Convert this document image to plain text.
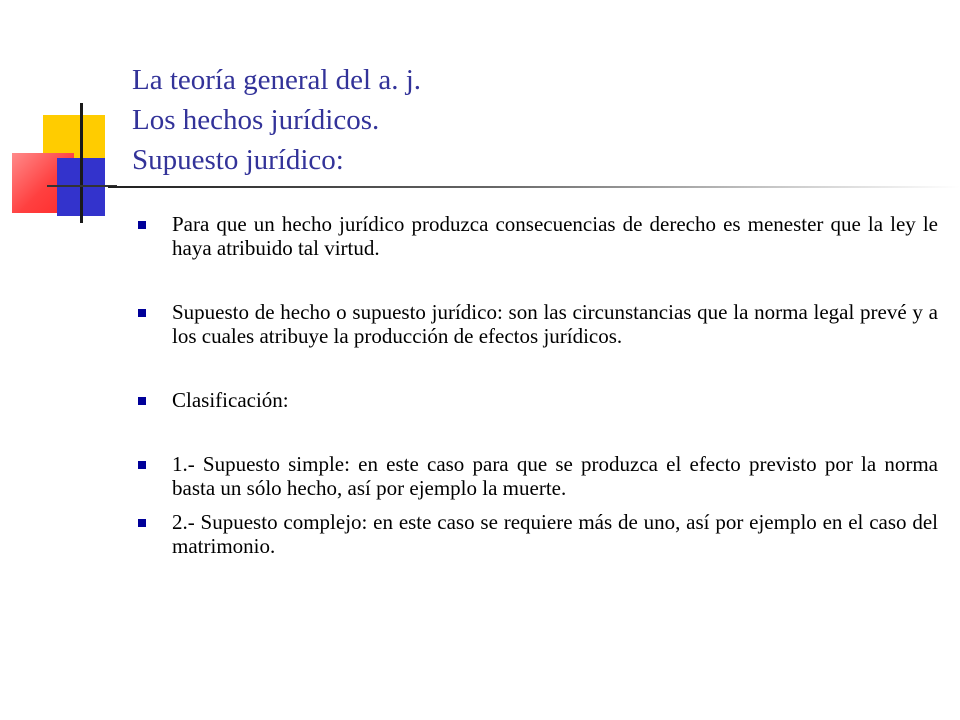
La teoría general del a. j.
Los hechos jurídicos.
Supuesto jurídico:
Para que un hecho jurídico produzca consecuencias de derecho es menester que la ley le haya atribuido tal virtud.
Supuesto de hecho o supuesto jurídico: son las circunstancias que la norma legal prevé y a los cuales atribuye la producción de efectos jurídicos.
Clasificación:
1.- Supuesto simple: en este caso para que se produzca el efecto previsto por la norma basta un sólo hecho, así por ejemplo la muerte.
2.- Supuesto complejo: en este caso se requiere más de uno, así por ejemplo en el caso del matrimonio.
